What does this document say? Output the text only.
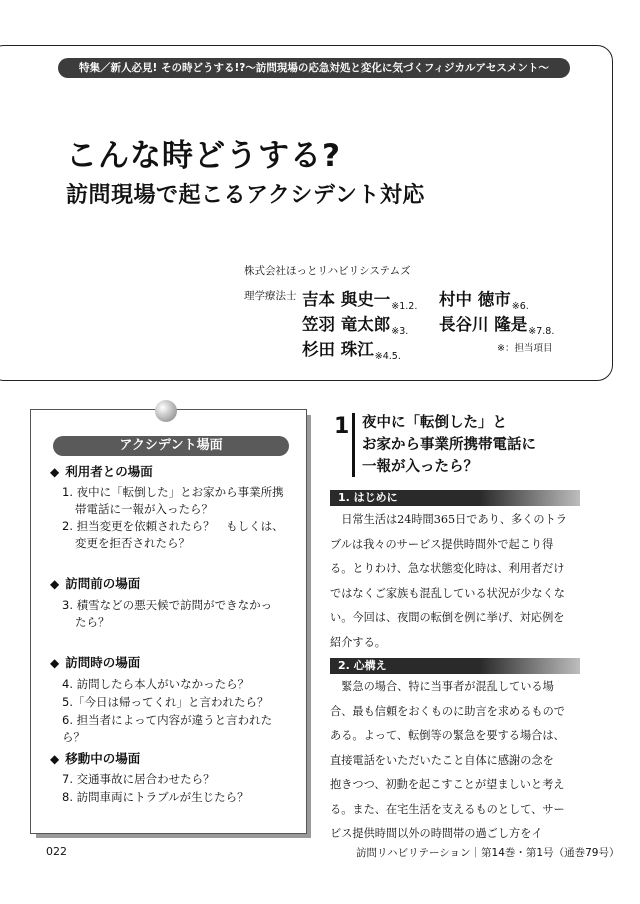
特集／新人必見! その時どうする!?〜訪問現場の応急対処と変化に気づくフィジカルアセスメント〜
こんな時どうする?
訪問現場で起こるアクシデント対応
株式会社ほっとリハビリシステムズ
理学療法士 吉本 與史一$^{※1.2.}$ 村中 徳市$^{※6.}$
笠羽 竜太郎$^{※3.}$ 長谷川 隆是$^{※7.8.}$
杉田 珠江$^{※4.5.}$
※：担当項目
アクシデント場面
◆ 利用者との場面
1. 夜中に「転倒した」とお家から事業所携
帯電話に一報が入ったら？
2. 担当変更を依頼されたら？　もしくは、
変更を拒否されたら？
◆ 訪問前の場面
3. 積雪などの悪天候で訪問ができなかっ
たら？
◆ 訪問時の場面
4. 訪問したら本人がいなかったら？
5.「今日は帰ってくれ」と言われたら？
6. 担当者によって内容が違うと言われたら？
◆ 移動中の場面
7. 交通事故に居合わせたら？
8. 訪問車両にトラブルが生じたら？
1 夜中に「転倒した」と
お家から事業所携帯電話に
一報が入ったら？
1. はじめに
　日常生活は24時間365日であり、多くのトラ
ブルは我々のサービス提供時間外で起こり得
る。とりわけ、急な状態変化時は、利用者だけ
ではなくご家族も混乱している状況が少なくな
い。今回は、夜間の転倒を例に挙げ、対応例を
紹介する。
2. 心構え
　緊急の場合、特に当事者が混乱している場
合、最も信頼をおくものに助言を求めるもので
ある。よって、転倒等の緊急を要する場合は、
直接電話をいただいたこと自体に感謝の念を
抱きつつ、初動を起こすことが望ましいと考え
る。また、在宅生活を支えるものとして、サー
ビス提供時間以外の時間帯の過ごし方をイ
022	訪問リハビリテーション｜第14巻・第1号（通巻79号）
